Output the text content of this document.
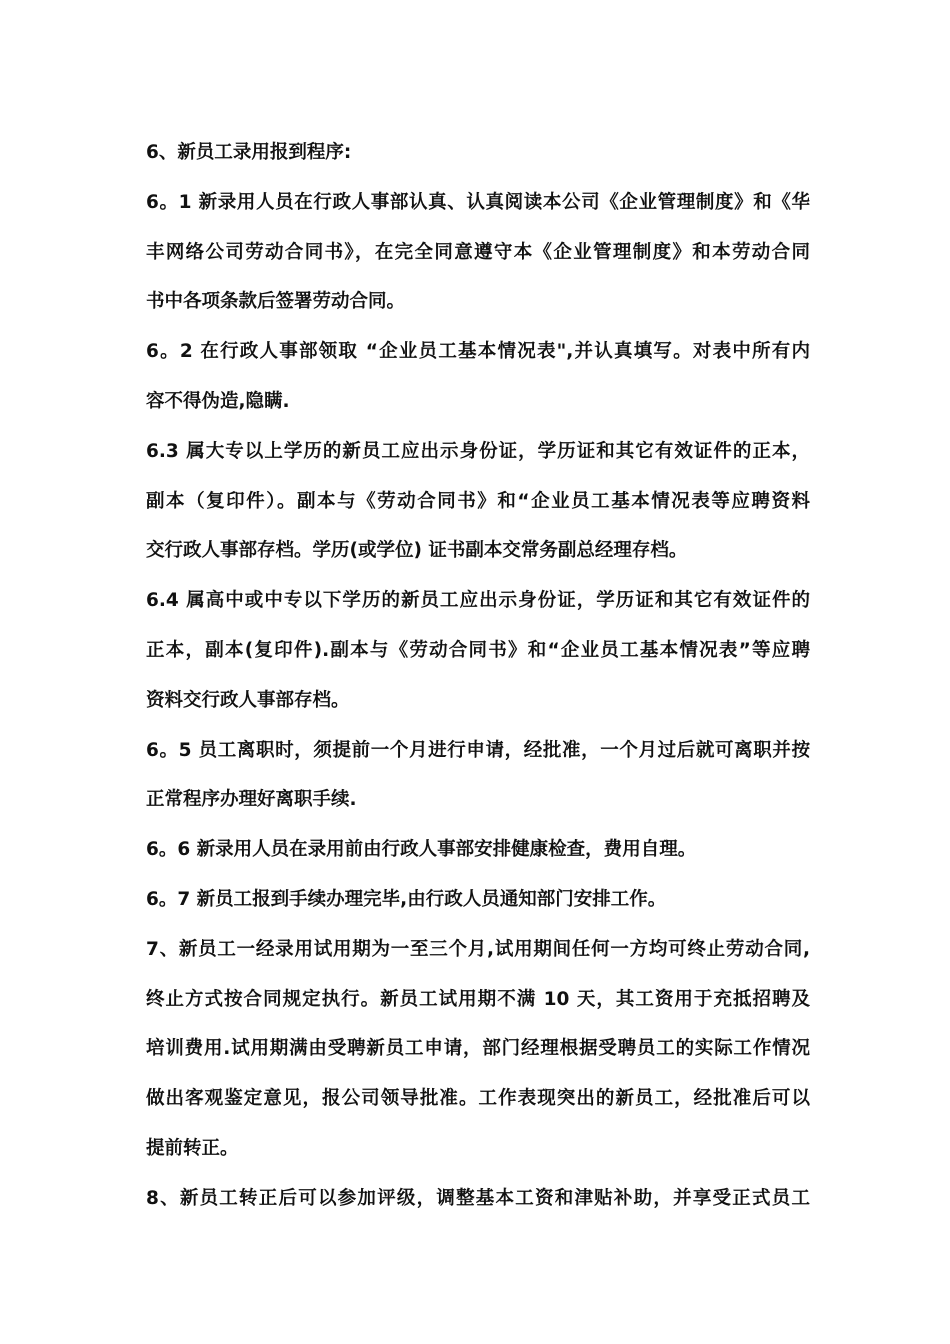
6、新员工录用报到程序:
6。1 新录用人员在行政人事部认真、认真阅读本公司《企业管理制度》和《华
丰网络公司劳动合同书》，在完全同意遵守本《企业管理制度》和本劳动合同
书中各项条款后签署劳动合同。
6。2 在行政人事部领取 “企业员工基本情况表",并认真填写。对表中所有内
容不得伪造,隐瞒.
6.3 属大专以上学历的新员工应出示身份证，学历证和其它有效证件的正本，
副本（复印件）。副本与《劳动合同书》和“企业员工基本情况表等应聘资料
交行政人事部存档。学历(或学位) 证书副本交常务副总经理存档。
6.4 属高中或中专以下学历的新员工应出示身份证，学历证和其它有效证件的
正本，副本(复印件).副本与《劳动合同书》和“企业员工基本情况表”等应聘
资料交行政人事部存档。
6。5 员工离职时，须提前一个月进行申请，经批准，一个月过后就可离职并按
正常程序办理好离职手续.
6。6 新录用人员在录用前由行政人事部安排健康检查，费用自理。
6。7 新员工报到手续办理完毕,由行政人员通知部门安排工作。
7、新员工一经录用试用期为一至三个月,试用期间任何一方均可终止劳动合同,
终止方式按合同规定执行。新员工试用期不满 10 天，其工资用于充抵招聘及
培训费用.试用期满由受聘新员工申请，部门经理根据受聘员工的实际工作情况
做出客观鉴定意见，报公司领导批准。工作表现突出的新员工，经批准后可以
提前转正。
8、新员工转正后可以参加评级，调整基本工资和津贴补助，并享受正式员工
